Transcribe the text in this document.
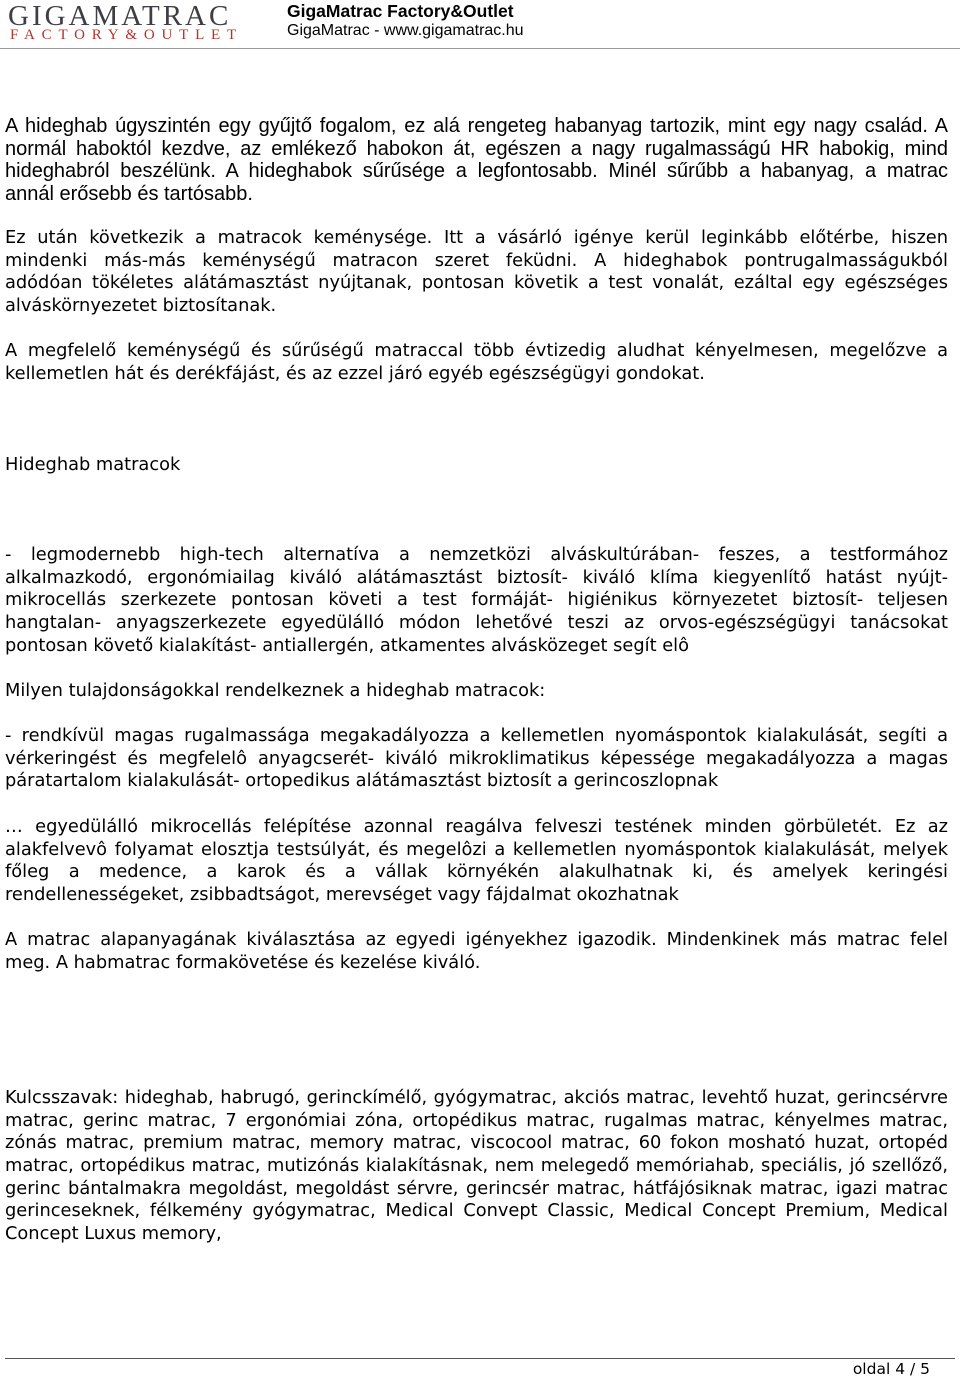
GIGAMATRAC
FACTORY&OUTLET
GigaMatrac Factory&Outlet
GigaMatrac - www.gigamatrac.hu
A hideghab úgyszintén egy gyűjtő fogalom, ez alá rengeteg habanyag tartozik, mint egy nagy család. A
normál haboktól kezdve, az emlékező habokon át, egészen a nagy rugalmasságú HR habokig, mind
hideghabról beszélünk. A hideghabok sűrűsége a legfontosabb. Minél sűrűbb a habanyag, a matrac
annál erősebb és tartósabb.
Ez után következik a matracok keménysége. Itt a vásárló igénye kerül leginkább előtérbe, hiszen
mindenki más-más keménységű matracon szeret feküdni. A hideghabok pontrugalmasságukból
adódóan tökéletes alátámasztást nyújtanak, pontosan követik a test vonalát, ezáltal egy egészséges
alváskörnyezetet biztosítanak.
A megfelelő keménységű és sűrűségű matraccal több évtizedig aludhat kényelmesen, megelőzve a
kellemetlen hát és derékfájást, és az ezzel járó egyéb egészségügyi gondokat.
Hideghab matracok
- legmodernebb high-tech alternatíva a nemzetközi alváskultúrában- feszes, a testformához
alkalmazkodó, ergonómiailag kiváló alátámasztást biztosít- kiváló klíma kiegyenlítő hatást nyújt-
mikrocellás szerkezete pontosan követi a test formáját- higiénikus környezetet biztosít- teljesen
hangtalan- anyagszerkezete egyedülálló módon lehetővé teszi az orvos-egészségügyi tanácsokat
pontosan követő kialakítást- antiallergén, atkamentes alvásközeget segít elô
Milyen tulajdonságokkal rendelkeznek a hideghab matracok:
- rendkívül magas rugalmassága megakadályozza a kellemetlen nyomáspontok kialakulását, segíti a
vérkeringést és megfelelô anyagcserét- kiváló mikroklimatikus képessége megakadályozza a magas
páratartalom kialakulását- ortopedikus alátámasztást biztosít a gerincoszlopnak
… egyedülálló mikrocellás felépítése azonnal reagálva felveszi testének minden görbületét. Ez az
alakfelvevô folyamat elosztja testsúlyát, és megelôzi a kellemetlen nyomáspontok kialakulását, melyek
főleg a medence, a karok és a vállak környékén alakulhatnak ki, és amelyek keringési
rendellenességeket, zsibbadtságot, merevséget vagy fájdalmat okozhatnak
A matrac alapanyagának kiválasztása az egyedi igényekhez igazodik. Mindenkinek más matrac felel
meg. A habmatrac formakövetése és kezelése kiváló.
Kulcsszavak: hideghab, habrugó, gerinckímélő, gyógymatrac, akciós matrac, levehtő huzat, gerincsérvre
matrac, gerinc matrac, 7 ergonómiai zóna, ortopédikus matrac, rugalmas matrac, kényelmes matrac,
zónás matrac, premium matrac, memory matrac, viscocool matrac, 60 fokon mosható huzat, ortopéd
matrac, ortopédikus matrac, mutizónás kialakításnak, nem melegedő memóriahab, speciális, jó szellőző,
gerinc bántalmakra megoldást, megoldást sérvre, gerincsér matrac, hátfájósiknak matrac, igazi matrac
gerinceseknek, félkemény gyógymatrac, Medical Convept Classic, Medical Concept Premium, Medical
Concept Luxus memory,
oldal 4 / 5
